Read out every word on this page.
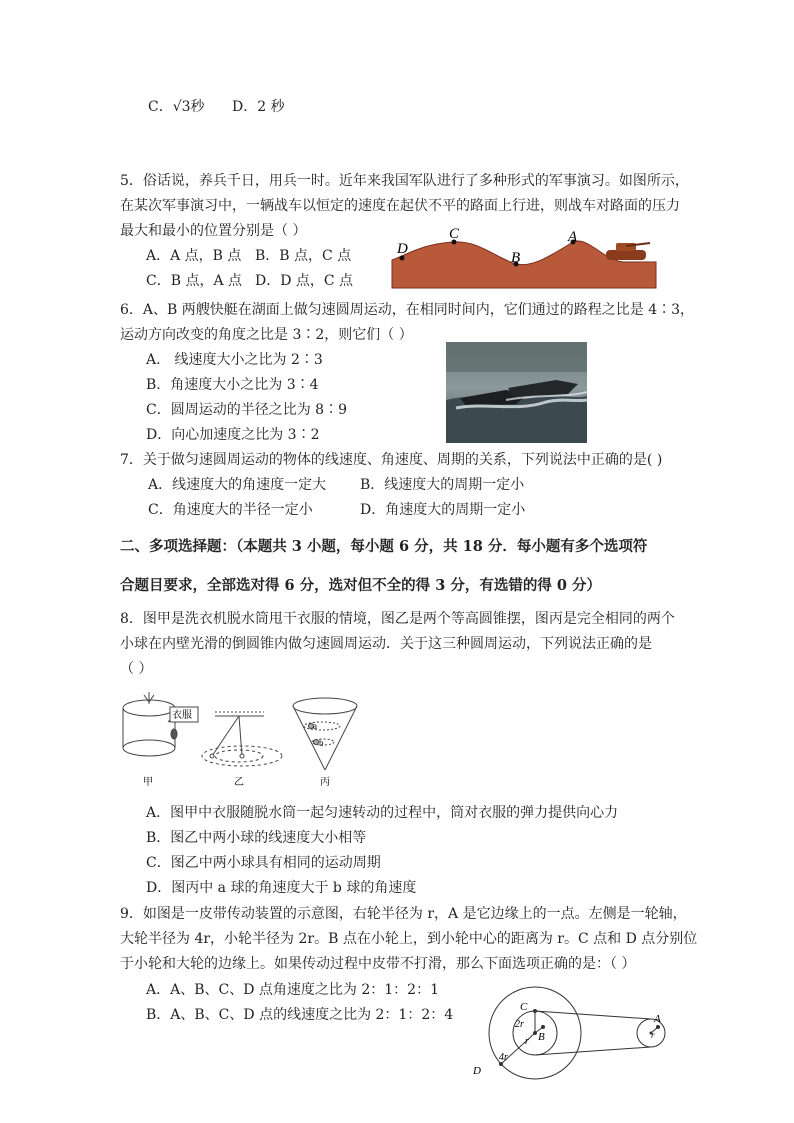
C．√3秒 D．2 秒
5．俗话说，养兵千日，用兵一时。近年来我国军队进行了多种形式的军事演习。如图所示，
在某次军事演习中，一辆战车以恒定的速度在起伏不平的路面上行进，则战车对路面的压力
最大和最小的位置分别是（ ）
A．A 点，B 点 B．B 点，C 点
C．B 点，A 点 D．D 点，C 点
D
C
B
A
6．A、B 两艘快艇在湖面上做匀速圆周运动，在相同时间内，它们通过的路程之比是 4∶3，
运动方向改变的角度之比是 3∶2，则它们（ ）
A.　线速度大小之比为 2∶3
B．角速度大小之比为 3∶4
C．圆周运动的半径之比为 8∶9
D．向心加速度之比为 3∶2
7．关于做匀速圆周运动的物体的线速度、角速度、周期的关系，下列说法中正确的是( )
A．线速度大的角速度一定大 B．线速度大的周期一定小
C．角速度大的半径一定小	D．角速度大的周期一定小
二、多项选择题：（本题共 3 小题，每小题 6 分，共 18 分．每小题有多个选项符
合题目要求，全部选对得 6 分，选对但不全的得 3 分，有选错的得 0 分）
8．图甲是洗衣机脱水筒甩干衣服的情境，图乙是两个等高圆锥摆，图丙是完全相同的两个
小球在内壁光滑的倒圆锥内做匀速圆周运动．关于这三种圆周运动，下列说法正确的是
（ ）
衣服
甲	乙
a
b
丙
A．图甲中衣服随脱水筒一起匀速转动的过程中，筒对衣服的弹力提供向心力
B．图乙中两小球的线速度大小相等
C．图乙中两小球具有相同的运动周期
D．图丙中 a 球的角速度大于 b 球的角速度
9．如图是一皮带传动装置的示意图，右轮半径为 r，A 是它边缘上的一点。左侧是一轮轴，
大轮半径为 4r，小轮半径为 2r。B 点在小轮上，到小轮中心的距离为 r。C 点和 D 点分别位
于小轮和大轮的边缘上。如果传动过程中皮带不打滑，那么下面选项正确的是：（ ）
A．A、B、C、D 点角速度之比为 2：1：2：1
B．A、B、C、D 点的线速度之比为 2：1：2：4	C
2r
B
r
4r
D
A
r
